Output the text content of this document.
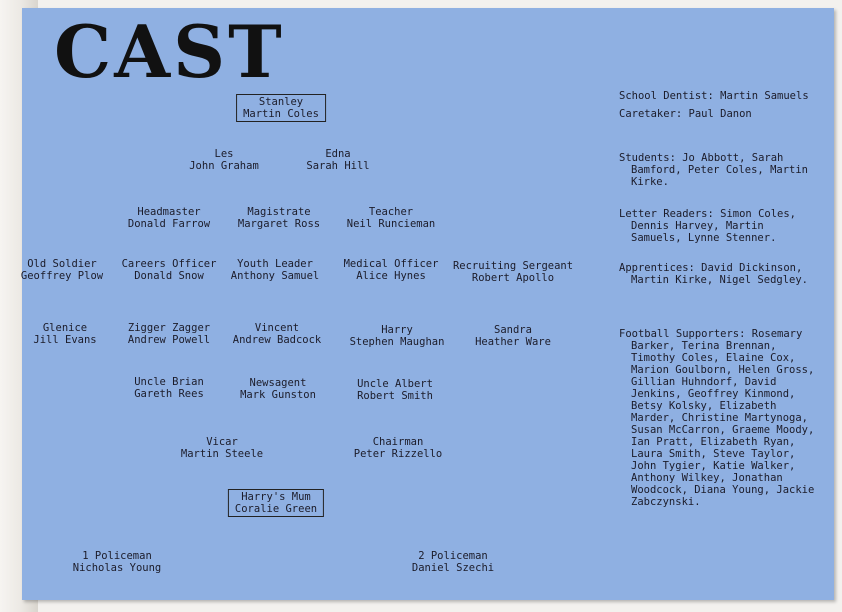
CAST
Stanley
Martin Coles
Les
John Graham
Edna
Sarah Hill
Headmaster
Donald Farrow
Magistrate
Margaret Ross
Teacher
Neil Runcieman
Old Soldier
Geoffrey Plow
Careers Officer
Donald Snow
Youth Leader
Anthony Samuel
Medical Officer
Alice Hynes
Recruiting Sergeant
Robert Apollo
Glenice
Jill Evans
Zigger Zagger
Andrew Powell
Vincent
Andrew Badcock
Harry
Stephen Maughan
Sandra
Heather Ware
Uncle Brian
Gareth Rees
Newsagent
Mark Gunston
Uncle Albert
Robert Smith
Vicar
Martin Steele
Chairman
Peter Rizzello
Harry's Mum
Coralie Green
1 Policeman
Nicholas Young
2 Policeman
Daniel Szechi
School Dentist: Martin Samuels
Caretaker: Paul Danon
Students: Jo Abbott, Sarah Bamford, Peter Coles, Martin Kirke.
Letter Readers: Simon Coles, Dennis Harvey, Martin Samuels, Lynne Stenner.
Apprentices: David Dickinson, Martin Kirke, Nigel Sedgley.
Football Supporters: Rosemary Barker, Terina Brennan, Timothy Coles, Elaine Cox, Marion Goulborn, Helen Gross, Gillian Huhndorf, David Jenkins, Geoffrey Kinmond, Betsy Kolsky, Elizabeth Marder, Christine Martynoga, Susan McCarron, Graeme Moody, Ian Pratt, Elizabeth Ryan, Laura Smith, Steve Taylor, John Tygier, Katie Walker, Anthony Wilkey, Jonathan Woodcock, Diana Young, Jackie Zabczynski.
